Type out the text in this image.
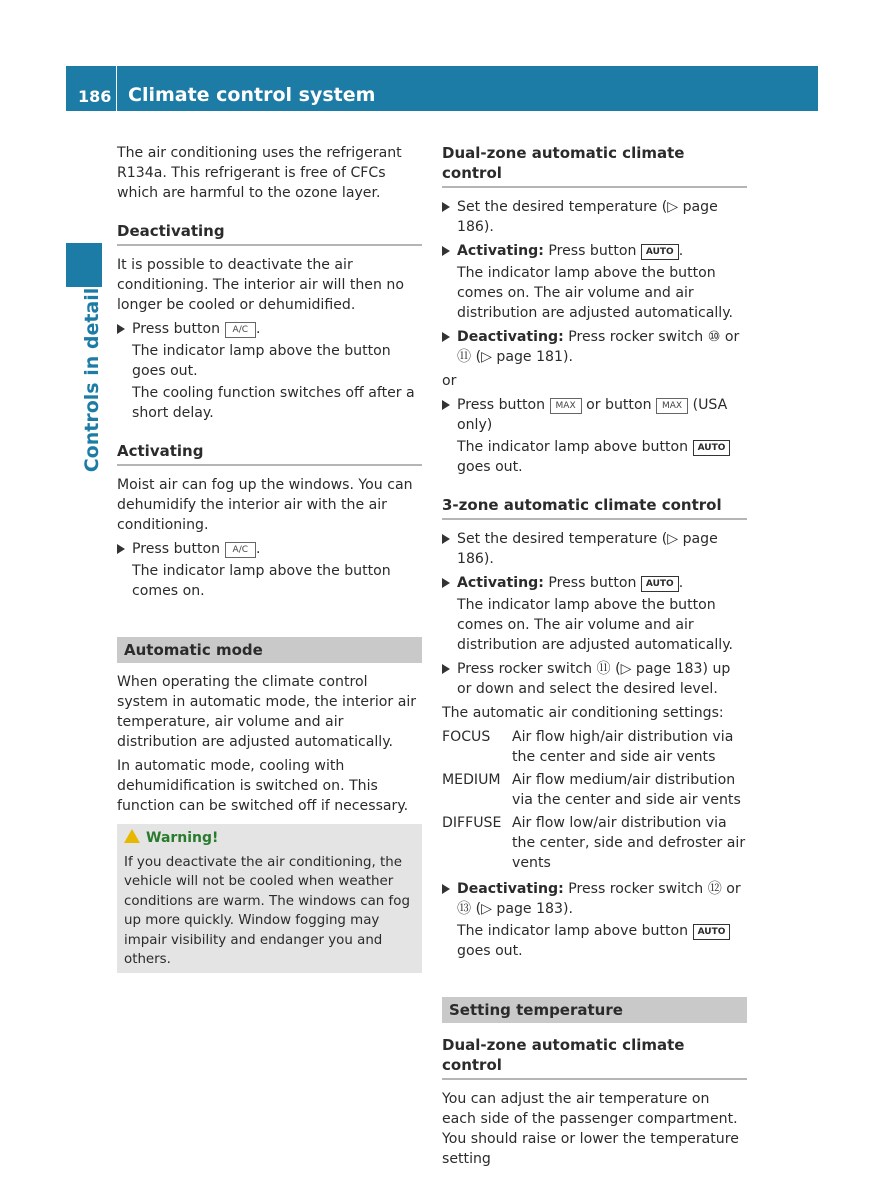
186 Climate control system
Controls in detail

The air conditioning uses the refrigerant R134a. This refrigerant is free of CFCs which are harmful to the ozone layer.

Deactivating

It is possible to deactivate the air conditioning. The interior air will then no longer be cooled or dehumidified.

Press button A/C .

The indicator lamp above the button goes out.

The cooling function switches off after a short delay.

Activating

Moist air can fog up the windows. You can dehumidify the interior air with the air conditioning.

Press button A/C .

The indicator lamp above the button comes on.

Automatic mode

When operating the climate control system in automatic mode, the interior air temperature, air volume and air distribution are adjusted automatically.

In automatic mode, cooling with dehumidification is switched on. This function can be switched off if necessary.

Warning!
If you deactivate the air conditioning, the vehicle will not be cooled when weather conditions are warm. The windows can fog up more quickly. Window fogging may impair visibility and endanger you and others.
Dual-zone automatic climate control

Set the desired temperature (▷ page 186).

Activating: Press button AUTO .

The indicator lamp above the button comes on. The air volume and air distribution are adjusted automatically.

Deactivating: Press rocker switch ⑩ or ⑪ (▷ page 181).

or

Press button MAX or button MAX (USA only)

The indicator lamp above button AUTO goes out.

3-zone automatic climate control

Set the desired temperature (▷ page 186).

Activating: Press button AUTO .

The indicator lamp above the button comes on. The air volume and air distribution are adjusted automatically.

Press rocker switch ⑪ (▷ page 183) up or down and select the desired level.

The automatic air conditioning settings:

FOCUS	Air flow high/air distribution via the center and side air vents
MEDIUM Air flow medium/air distribution via the center and side air vents
DIFFUSE Air flow low/air distribution via the center, side and defroster air vents

Deactivating: Press rocker switch ⑫ or ⑬ (▷ page 183).

The indicator lamp above button AUTO goes out.

Setting temperature
Dual-zone automatic climate control

You can adjust the air temperature on each side of the passenger compartment. You should raise or lower the temperature setting
